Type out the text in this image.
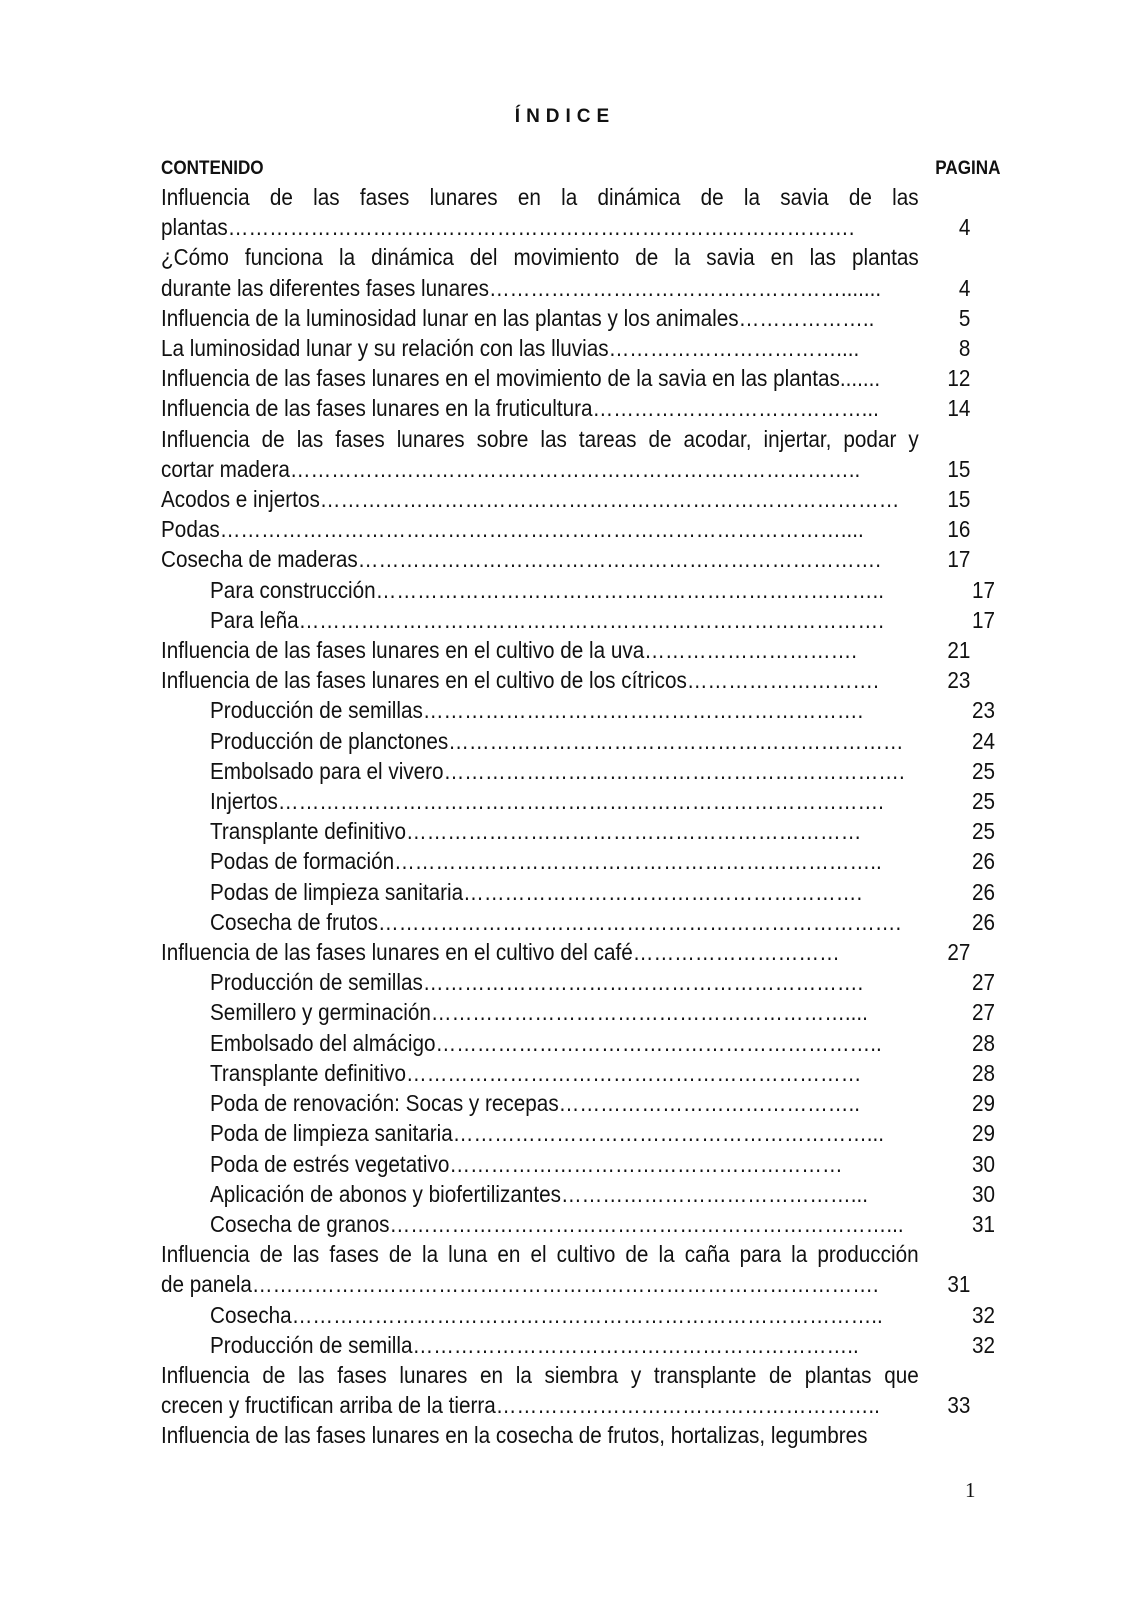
ÍNDICE
CONTENIDO	PAGINA
Influencia de las fases lunares en la dinámica de la savia de las
plantas……………………………………………………………………………….	4
¿Cómo funciona la dinámica del movimiento de la savia en las plantas
durante las diferentes fases lunares…………………………………………….......	4
Influencia de la luminosidad lunar en las plantas y los animales………………..	5
La luminosidad lunar y su relación con las lluvias……………………………....	8
Influencia de las fases lunares en el movimiento de la savia en las plantas.......	12
Influencia de las fases lunares en la fruticultura…………………………………...	14
Influencia de las fases lunares sobre las tareas de acodar, injertar, podar y
cortar madera………………………………………………………………………..	15
Acodos e injertos…………………………………………………………………………	15
Podas………………………………………………………………………………....	16
Cosecha de maderas………………………………………………………………….	17
Para construcción………………………………………………………………..	17
Para leña………………………………………………………………………….	17
Influencia de las fases lunares en el cultivo de la uva………………………….	21
Influencia de las fases lunares en el cultivo de los cítricos……………………….	23
Producción de semillas……………………………………………………….	23
Producción de planctones…………………………………………………………	24
Embolsado para el vivero………………………………………………………….	25
Injertos…………………………………………………………………………….	25
Transplante definitivo…………………………………………………………	25
Podas de formación……………………………………………………………..	26
Podas de limpieza sanitaria………………………………………………….	26
Cosecha de frutos………………………………………………………………….	26
Influencia de las fases lunares en el cultivo del café…………………………	27
Producción de semillas……………………………………………………….	27
Semillero y germinación……………………………………………………....	27
Embolsado del almácigo………………………………………………………..	28
Transplante definitivo…………………………………………………………	28
Poda de renovación: Socas y recepas……………………………………..	29
Poda de limpieza sanitaria……………………………………………………...	29
Poda de estrés vegetativo…………………………………………………	30
Aplicación de abonos y biofertilizantes……………………………………...	30
Cosecha de granos………………………………………………………………...	31
Influencia de las fases de la luna en el cultivo de la caña para la producción
de panela……………………………………………………………………………….	31
Cosecha…………………………………………………………………………..	32
Producción de semilla………………………………………………………..	32
Influencia de las fases lunares en la siembra y transplante de plantas que
crecen y fructifican arriba de la tierra………………………………………………..	33
Influencia de las fases lunares en la cosecha de frutos, hortalizas, legumbres
1
